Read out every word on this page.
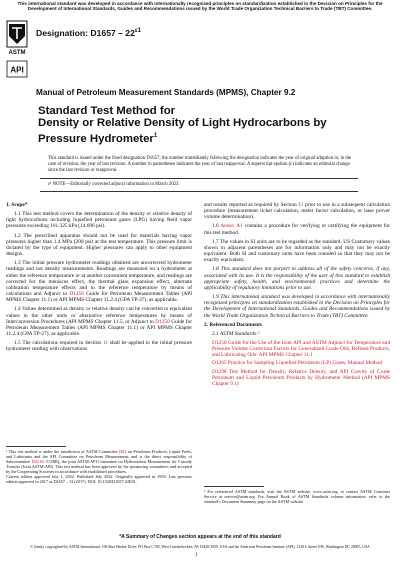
This international standard was developed in accordance with internationally recognized principles on standardization established in the Decision on Principles for the Development of International Standards, Guides and Recommendations issued by the World Trade Organization Technical Barriers to Trade (TBT) Committee.
ASTM
Designation: $D1657 - 22^{\varepsilon 1}$
API
Manual of Petroleum Measurement Standards (MPMS), Chapter 9.2
Standard Test Method for
Density or Relative Density of Light Hydrocarbons by
Pressure Hydrometer$^1$
This standard is issued under the fixed designation D1657; the number immediately following the designation indicates the year of original adoption or, in the case of revision, the year of last revision. A number in parentheses indicates the year of last reapproval. A superscript epsilon (ε) indicates an editorial change since the last revision or reapproval.
ε¹ NOTE—Editorially corrected adjunct information in March 2023.
1. Scope*

1.1 This test method covers the determination of the density or relative density of light hydrocarbons including liquefied petroleum gases (LPG) having Reid vapor pressures exceeding 101.325 kPa (14.696 psi).

1.2 The prescribed apparatus should not be used for materials having vapor pressures higher than 1.4 MPa (200 psi) at the test temperature. This pressure limit is dictated by the type of equipment. Higher pressures can apply to other equipment designs.

1.3 The initial pressure hydrometer readings obtained are uncorrected hydrometer readings and not density measurements. Readings are measured on a hydrometer at either the reference temperature or at another convenient temperature, and readings are corrected for the meniscus effect, the thermal glass expansion effect, alternate calibration temperature effects and to the reference temperature by means of calculations and Adjunct to D1250 Guide for Petroleum Measurement Tables (API MPMS Chapter 11.1) or API MPMS Chapter 11.2.4 (GPA TP-27), as applicable.

1.4 Values determined as density or relative density can be converted to equivalent values in the other units or alternative reference temperatures by means of Interconversion Procedures (API MPMS Chapter 11.5, or Adjunct to D1250 Guide for Petroleum Measurement Tables (API MPMS Chapter 11.1) or API MPMS Chapter 11.2.4 (GPA TP-27), as applicable.

1.5 The calculations required in Section 11 shall be applied to the initial pressure hydrometer reading with observations

¹ This test method is under the jurisdiction of ASTM Committee D02 on Petroleum Products, Liquid Fuels, and Lubricants and the API Committee on Petroleum Measurement, and is the direct responsibility of Subcommittee D02.02 /COMQ, the joint ASTM-API Committee on Hydrocarbon Measurement for Custody Transfer (Joint ASTM-API). This test method has been approved by the sponsoring committees and accepted by the Cooperating Societies in accordance with established procedures.
Current edition approved July 1, 2022. Published July 2022. Originally approved in 1959. Last previous edition approved in 2017 as D1657 – 12 (2017). DOI: 10.1520/D1657-22E01.

and results reported as required by Section 11 prior to use in a subsequent calculation procedure (measurement ticket calculation, meter factor calculation, or base prover volume determination).

1.6 Annex A1 contains a procedure for verifying or certifying the equipment for this test method.

1.7 The values in SI units are to be regarded as the standard. US Customary values shown in adjacent parentheses are for information only and may not be exactly equivalent. Both SI and customary units have been rounded so that they may not be exactly equivalent.

1.8 This standard does not purport to address all of the safety concerns, if any, associated with its use. It is the responsibility of the user of this standard to establish appropriate safety, health, and environmental practices and determine the applicability of regulatory limitations prior to use.

1.9 This international standard was developed in accordance with internationally recognized principles on standardization established in the Decision on Principles for the Development of International Standards, Guides and Recommendations issued by the World Trade Organization Technical Barriers to Trade (TBT) Committee.

2. Referenced Documents

2.1 ASTM Standards:²

D1250 Guide for the Use of the Joint API and ASTM Adjunct for Temperature and Pressure Volume Correction Factors for Generalized Crude Oils, Refined Products, and Lubricating Oils: API MPMS Chapter 11.1
D1265 Practice for Sampling Liquefied Petroleum (LP) Gases, Manual Method
D1298 Test Method for Density, Relative Density, and API Gravity of Crude Petroleum and Liquid Petroleum Products by Hydrometer Method (API MPMS Chapter 9.1)
² For referenced ASTM standards, visit the ASTM website, www.astm.org, or contact ASTM Customer Service at service@astm.org. For Annual Book of ASTM Standards volume information, refer to the standard's Document Summary page on the ASTM website.
*A Summary of Changes section appears at the end of this standard
© Jointly copyrighted by ASTM International, 100 Barr Harbor Drive, PO Box C700, West Conshohocken, PA 19428-2959, USA and the American Petroleum Institute (API), 1220 L Street NW, Washington DC 20005, USA
1
